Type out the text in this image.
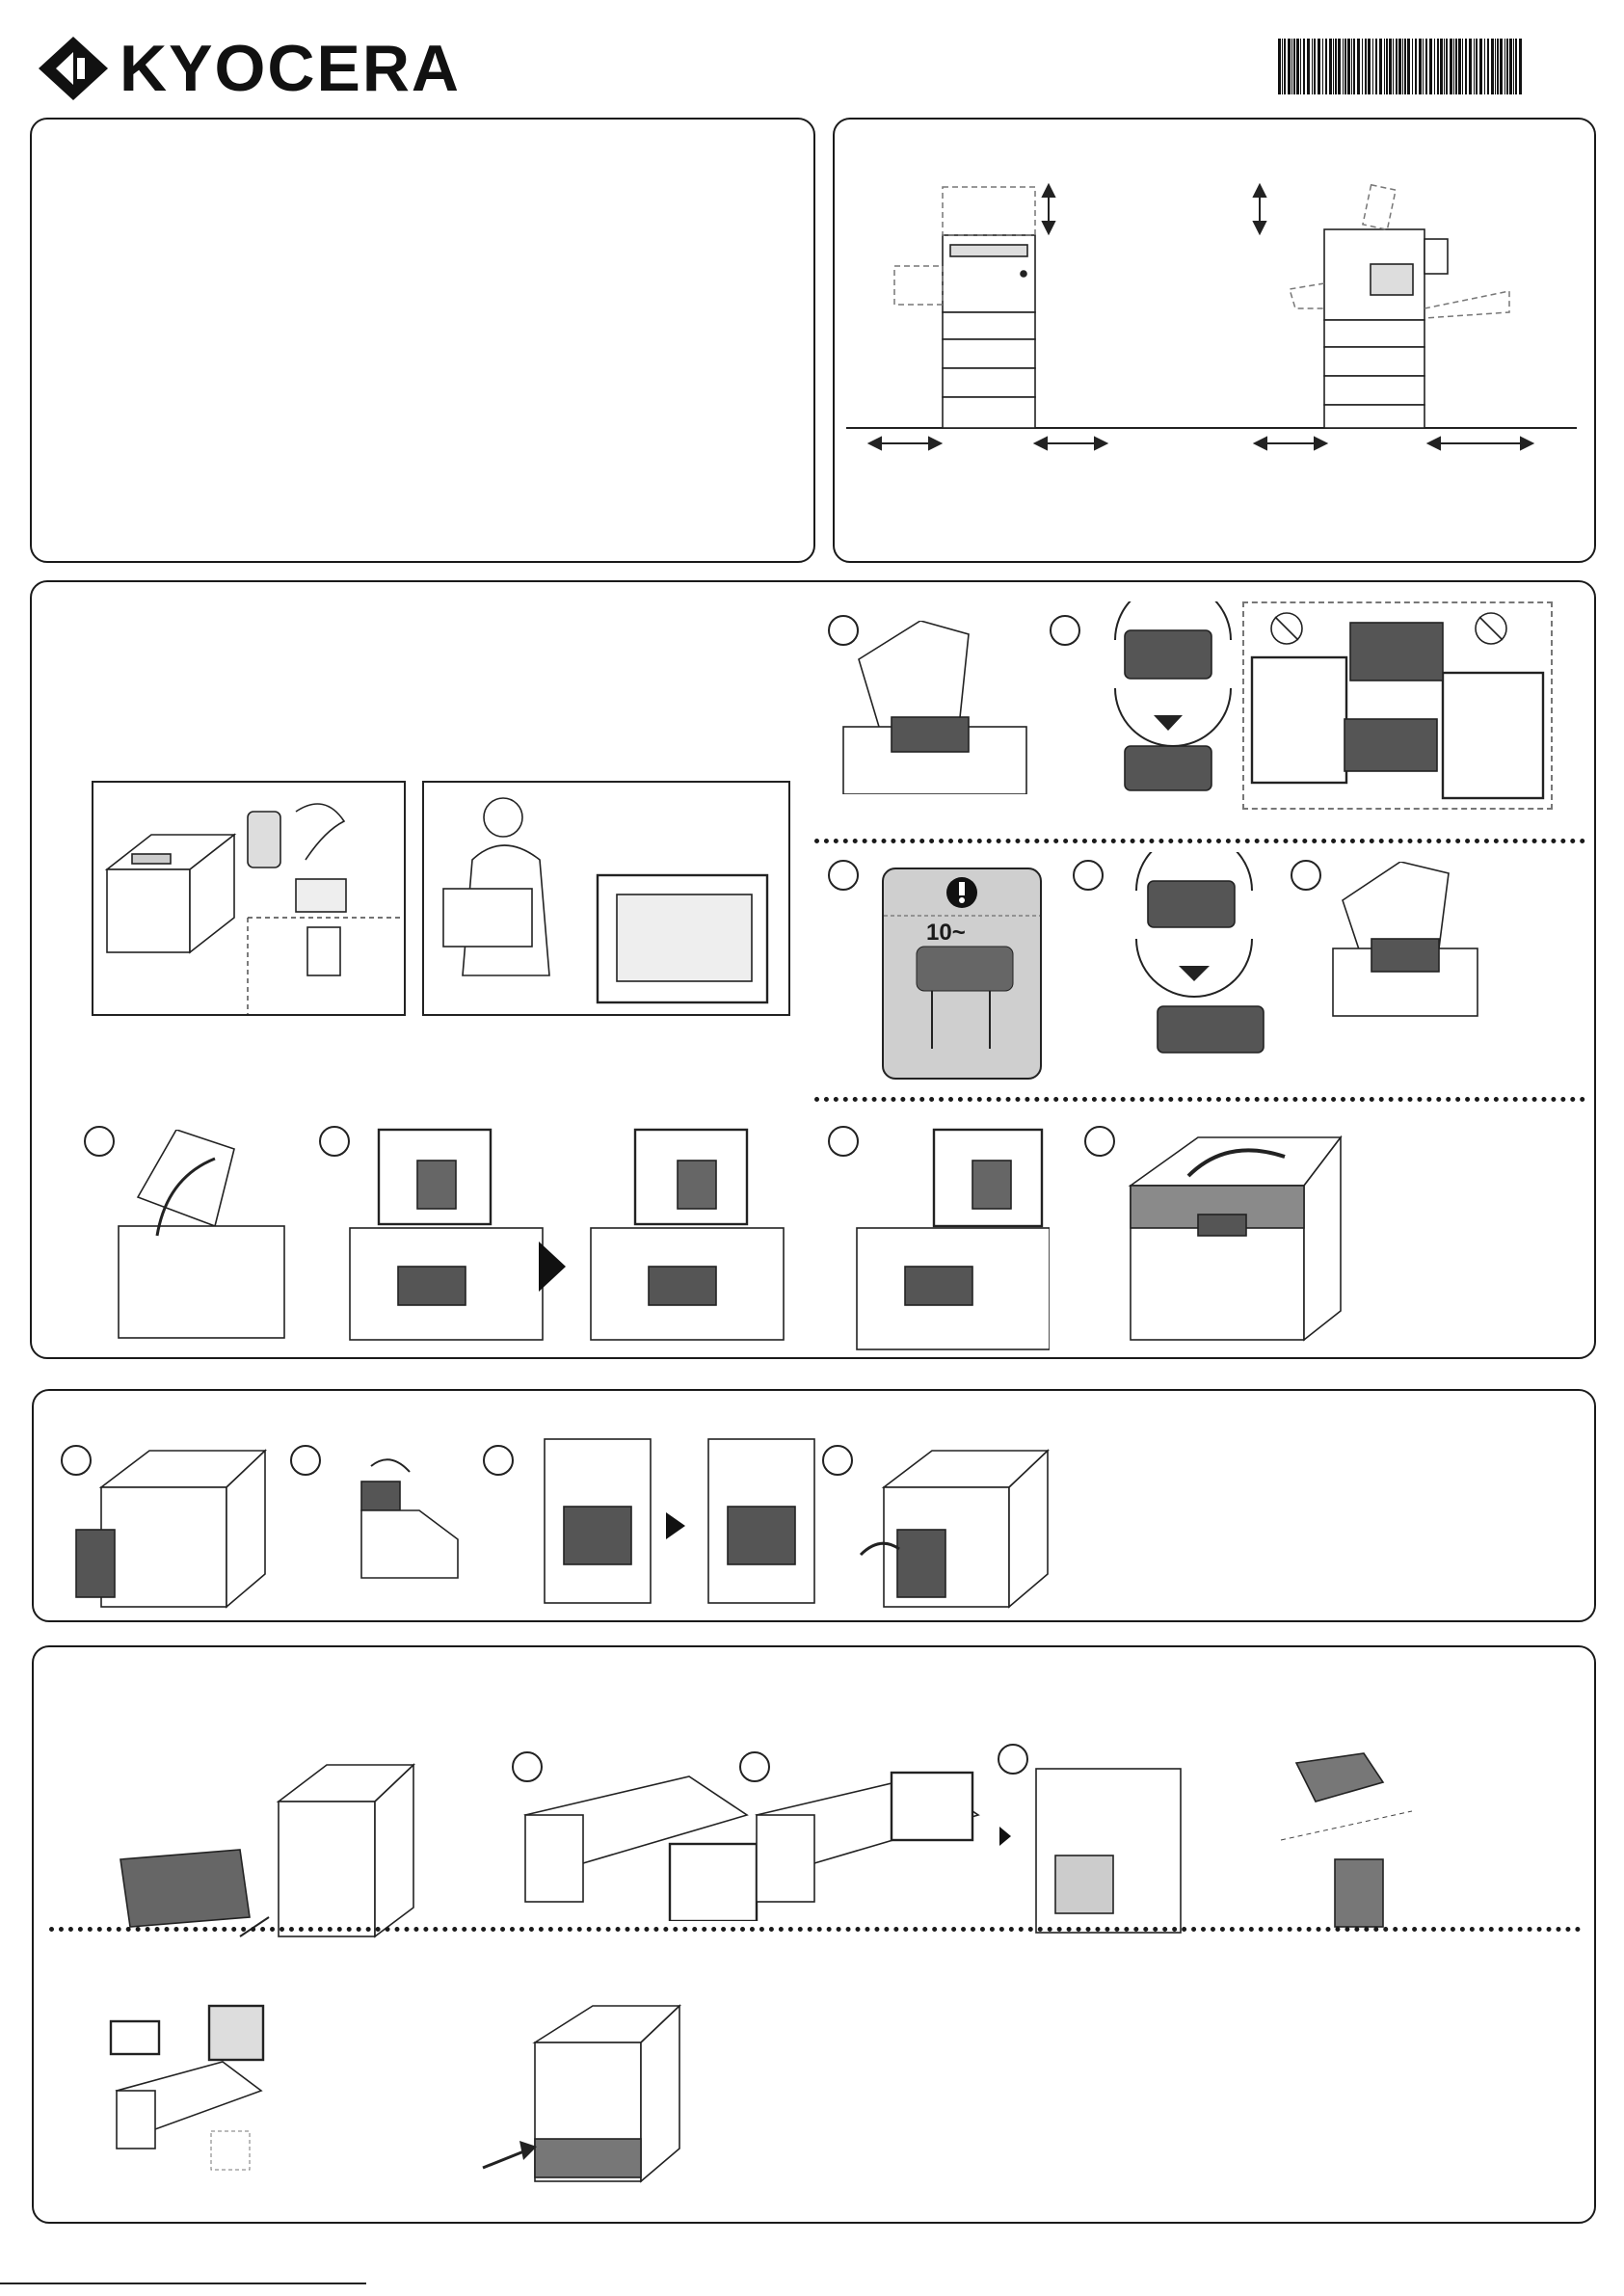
KYOCERA
10~
